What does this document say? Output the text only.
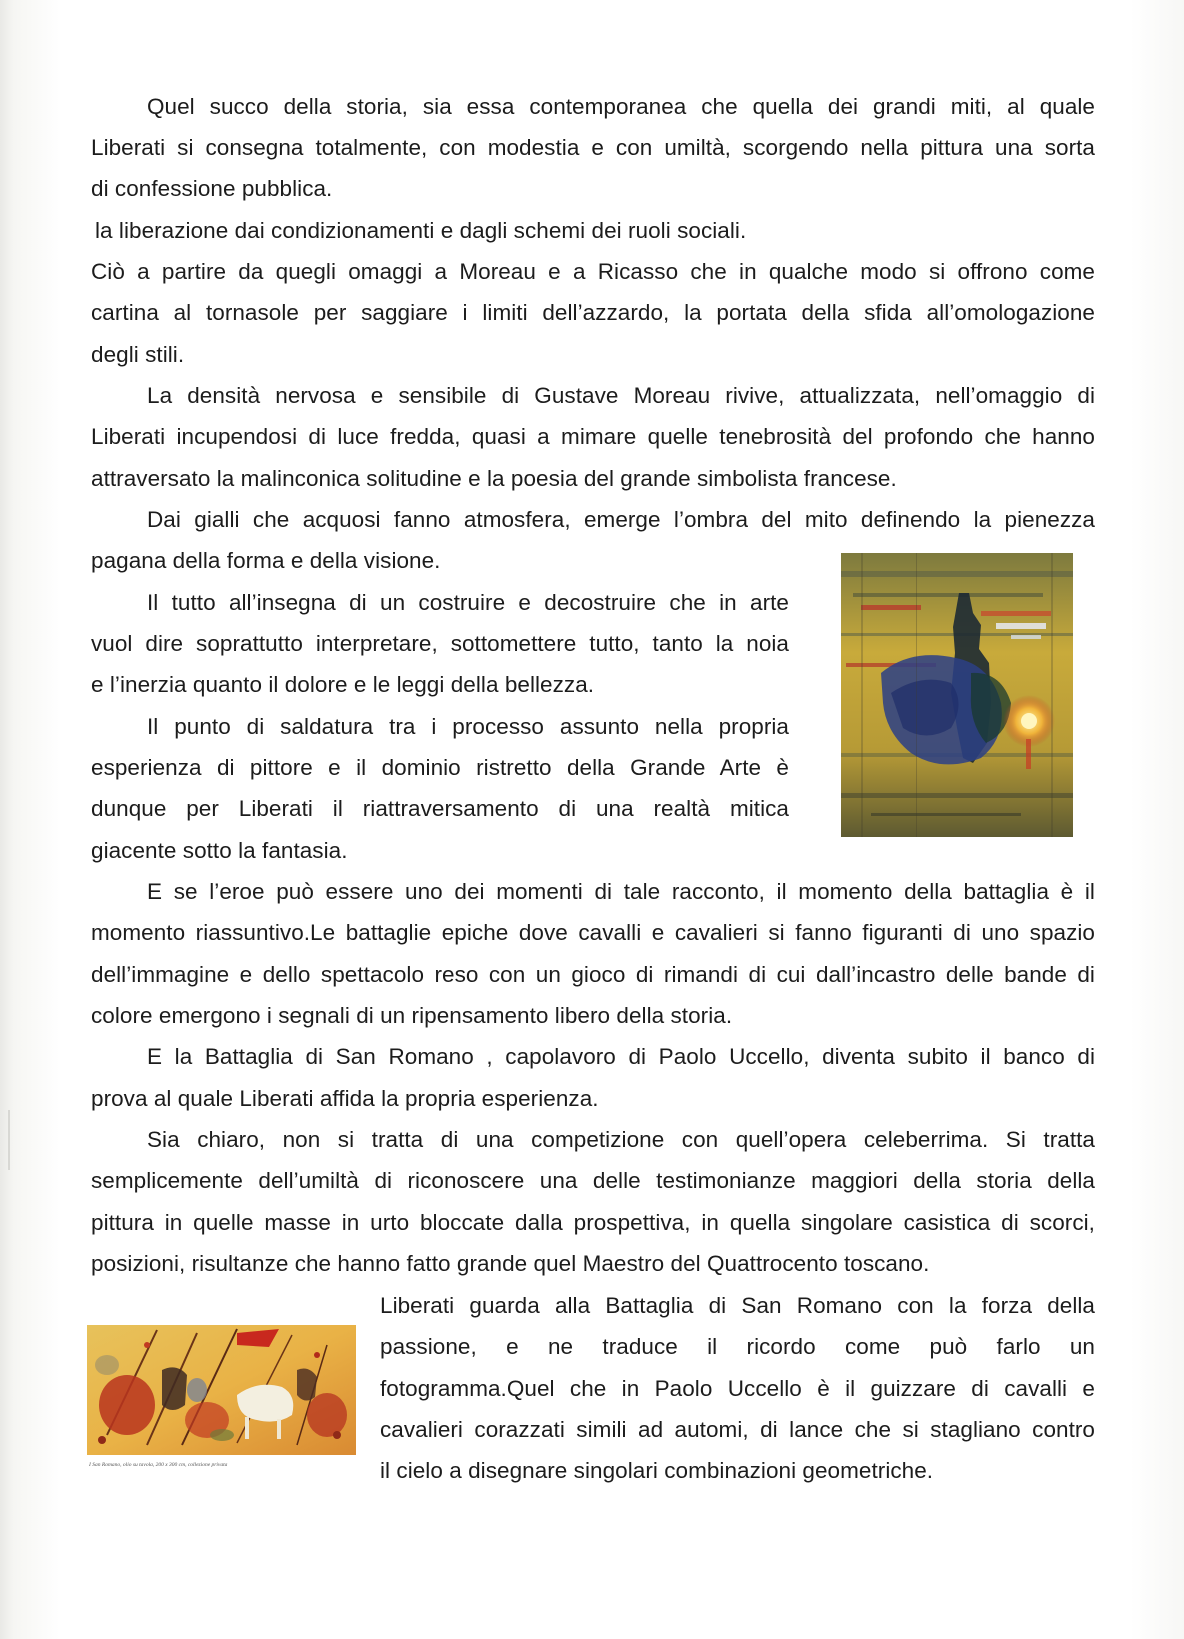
Quel succo della storia, sia essa contemporanea che quella dei grandi miti, al quale
Liberati si consegna totalmente, con modestia e con umiltà, scorgendo nella pittura una sorta
di confessione pubblica.
la liberazione dai condizionamenti e dagli schemi dei ruoli sociali.
Ciò a partire da quegli omaggi a Moreau e a Ricasso che in qualche modo si offrono come
cartina al tornasole per saggiare i limiti dell’azzardo, la portata della sfida all’omologazione
degli stili.
La densità nervosa e sensibile di Gustave Moreau rivive, attualizzata, nell’omaggio di
Liberati incupendosi di luce fredda, quasi a mimare quelle tenebrosità del profondo che hanno
attraversato la malinconica solitudine e la poesia del grande simbolista francese.
Dai gialli che acquosi fanno atmosfera, emerge l’ombra del mito definendo la pienezza
pagana della forma e della visione.
Il tutto all’insegna di un costruire e decostruire che in arte
vuol dire soprattutto interpretare, sottomettere tutto, tanto la noia
e l’inerzia quanto il dolore e le leggi della bellezza.
Il punto di saldatura tra i processo assunto nella propria
esperienza di pittore e il dominio ristretto della Grande Arte è
dunque per Liberati il riattraversamento di una realtà mitica
giacente sotto la fantasia.
E se l’eroe può essere uno dei momenti di tale racconto, il momento della battaglia è il
momento riassuntivo.Le battaglie epiche dove cavalli e cavalieri si fanno figuranti di uno spazio
dell’immagine e dello spettacolo reso con un gioco di rimandi di cui dall’incastro delle bande di
colore emergono i segnali di un ripensamento libero della storia.
E la Battaglia di San Romano , capolavoro di Paolo Uccello, diventa subito il banco di
prova al quale Liberati affida la propria esperienza.
Sia chiaro, non si tratta di una competizione con quell’opera celeberrima. Si tratta
semplicemente dell’umiltà di riconoscere una delle testimonianze maggiori della storia della
pittura in quelle masse in urto bloccate dalla prospettiva, in quella singolare casistica di scorci,
posizioni, risultanze che hanno fatto grande quel Maestro del Quattrocento toscano.
Liberati guarda alla Battaglia di San Romano con la forza della
passione, e ne traduce il ricordo come può farlo un
fotogramma.Quel che in Paolo Uccello è il guizzare di cavalli e
cavalieri corazzati simili ad automi, di lance che si stagliano contro
il cielo a disegnare singolari combinazioni geometriche.
I San Romano, olio su tavola, 200 x 300 cm, collezione privata
